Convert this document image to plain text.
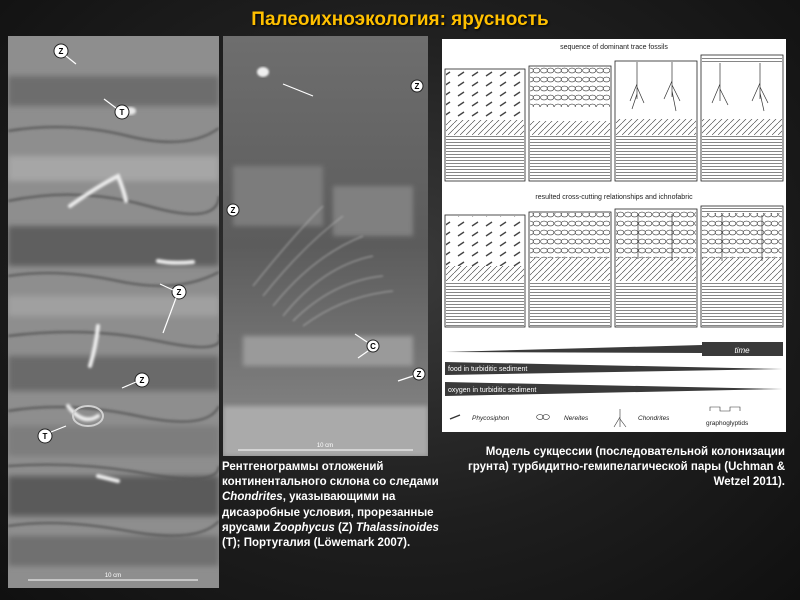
Палеоихноэкология: ярусность
Z
T
Z
Z
T
10 cm
Z
Z
C
Z
10 cm
sequence of dominant trace fossils
resulted cross-cutting relationships and ichnofabric
time
food in turbiditic sediment
oxygen in turbiditic sediment
Phycosiphon	Nereites	Chondrites
graphoglyptids
Рентгенограммы отложений континентального склона со следами Chondrites, указывающими на дисаэробные условия, прорезанные ярусами Zoophycus (Z) Thalassinoides (T); Португалия (Löwemark 2007).
Модель сукцессии (последовательной колонизации грунта) турбидитно-гемипелагической пары (Uchman & Wetzel 2011).
